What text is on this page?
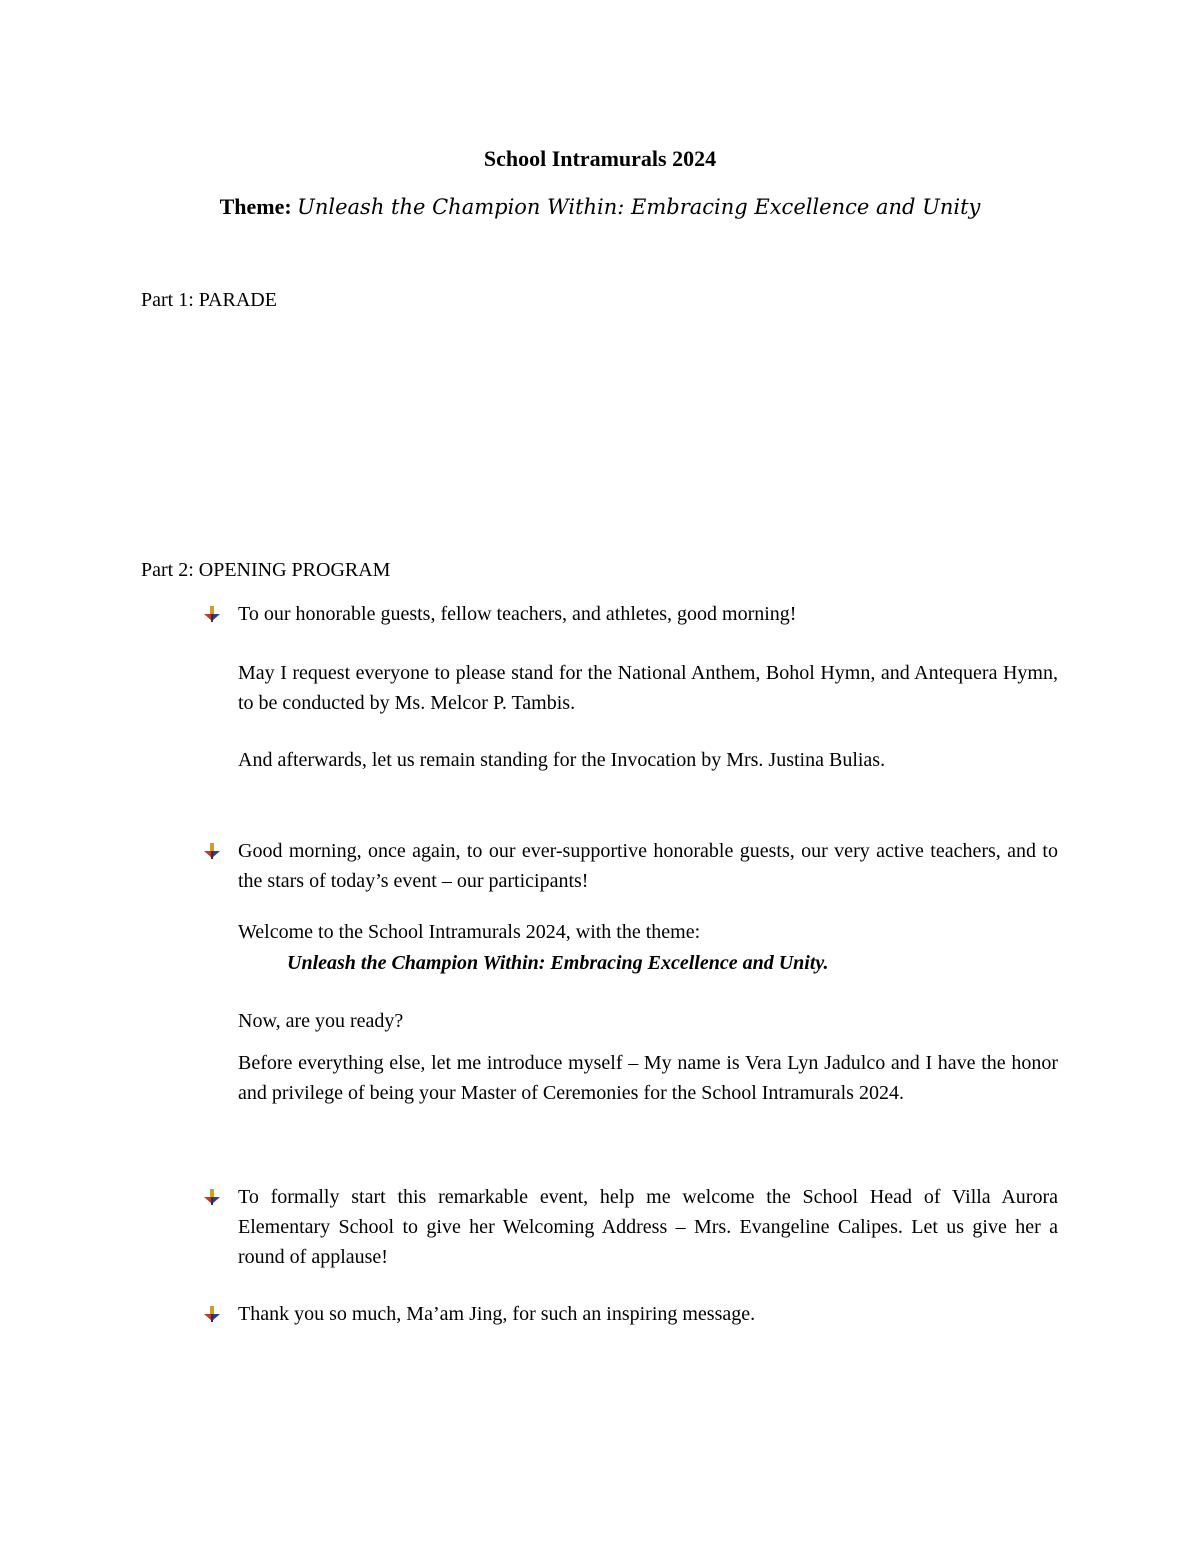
School Intramurals 2024
Theme: Unleash the Champion Within: Embracing Excellence and Unity
Part 1: PARADE
Part 2: OPENING PROGRAM
To our honorable guests, fellow teachers, and athletes, good morning!
May I request everyone to please stand for the National Anthem, Bohol Hymn, and Antequera Hymn, to be conducted by Ms. Melcor P. Tambis.
And afterwards, let us remain standing for the Invocation by Mrs. Justina Bulias.
Good morning, once again, to our ever-supportive honorable guests, our very active teachers, and to the stars of today’s event – our participants!
Welcome to the School Intramurals 2024, with the theme:
Unleash the Champion Within: Embracing Excellence and Unity.
Now, are you ready?
Before everything else, let me introduce myself – My name is Vera Lyn Jadulco and I have the honor and privilege of being your Master of Ceremonies for the School Intramurals 2024.
To formally start this remarkable event, help me welcome the School Head of Villa Aurora Elementary School to give her Welcoming Address – Mrs. Evangeline Calipes. Let us give her a round of applause!
Thank you so much, Ma’am Jing, for such an inspiring message.
